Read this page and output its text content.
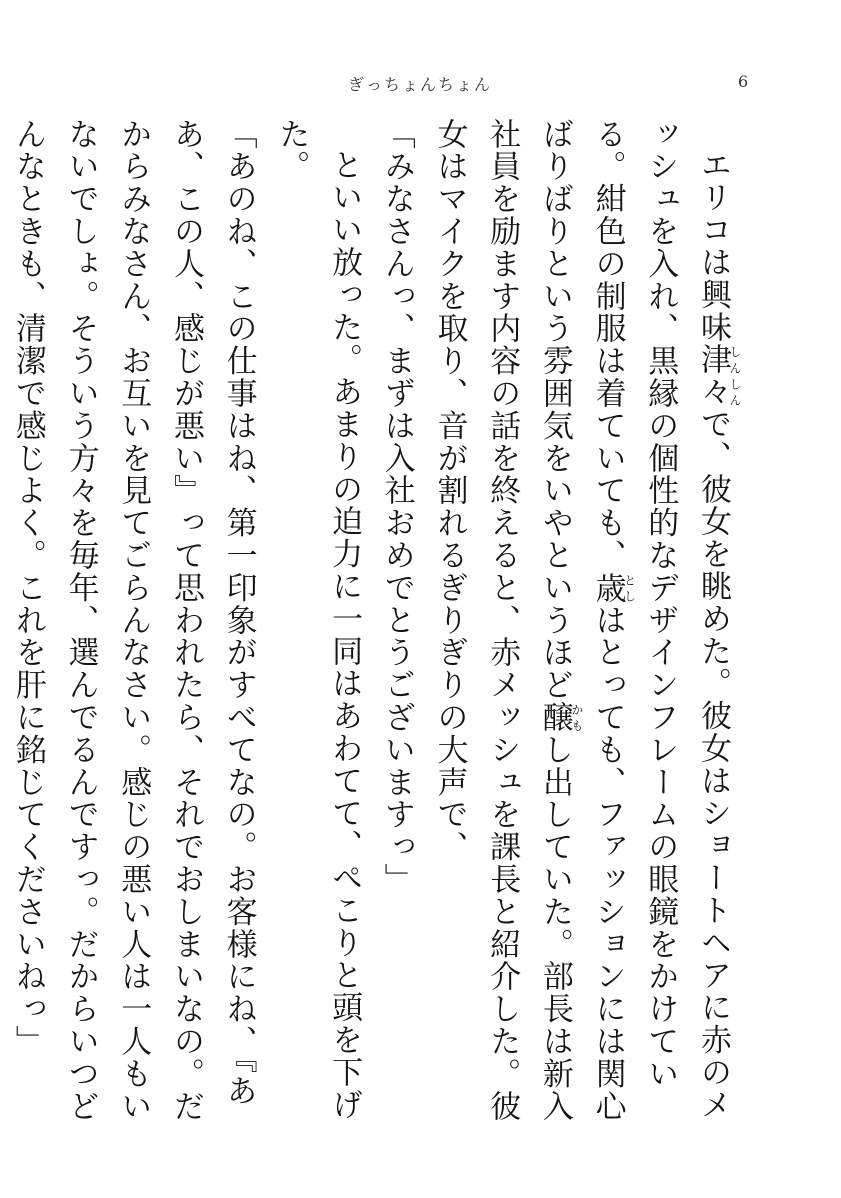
ぎっちょんちょん	6

エリコは興味津々しんしんで、彼女を眺めた。彼女はショートヘアに赤のメッシュを入れ、黒縁の個性的なデザインフレームの眼鏡をかけている。紺色の制服は着ていても、歳としはとっても、ファッションには関心ばりばりという雰囲気をいやというほど醸かもし出していた。部長は新入社員を励ます内容の話を終えると、赤メッシュを課長と紹介した。彼女はマイクを取り、音が割れるぎりぎりの大声で、

「みなさんっ、まずは入社おめでとうございますっ」

といい放った。あまりの迫力に一同はあわてて、ぺこりと頭を下げた。

「あのね、この仕事はね、第一印象がすべてなの。お客様にね、『ああ、この人、感じが悪い』って思われたら、それでおしまいなの。だからみなさん、お互いを見てごらんなさい。感じの悪い人は一人もいないでしょ。そういう方々を毎年、選んでるんですっ。だからいつどんなときも、清潔で感じよく。これを肝に銘じてくださいねっ」
